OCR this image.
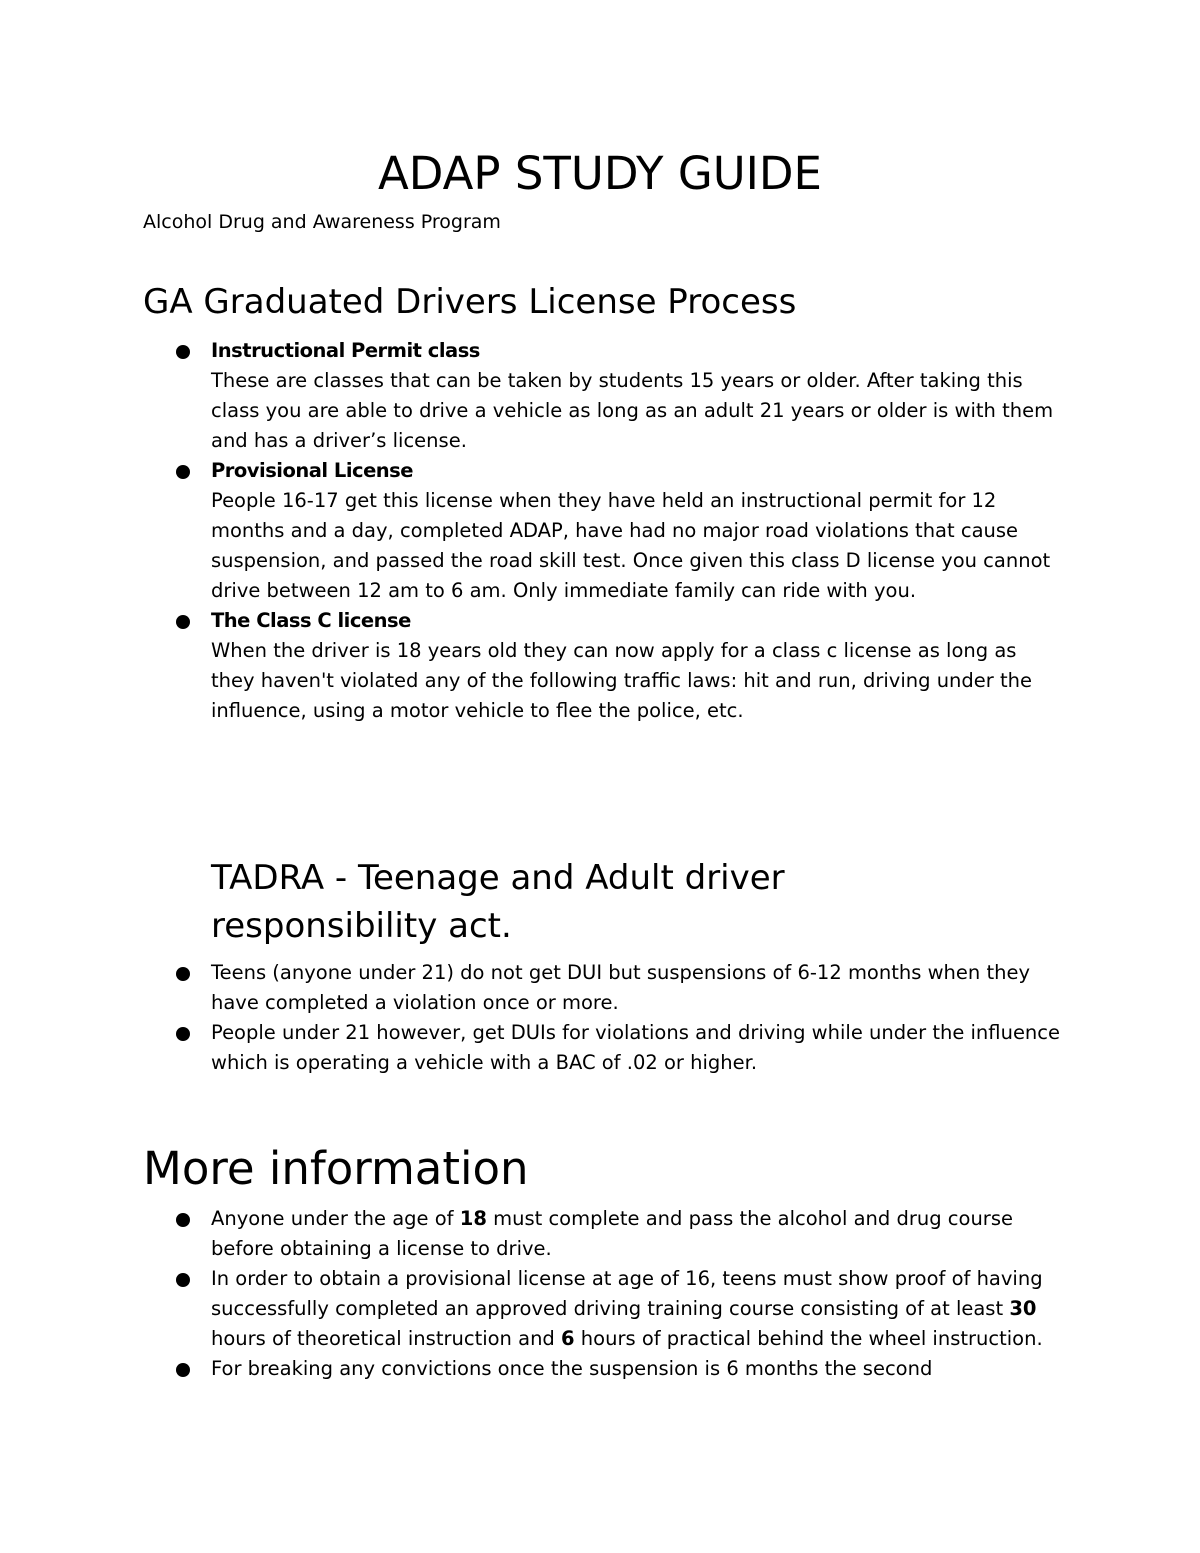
ADAP STUDY GUIDE

Alcohol Drug and Awareness Program

GA Graduated Drivers License Process
Instructional Permit class
These are classes that can be taken by students 15 years or older. After taking this class you are able to drive a vehicle as long as an adult 21 years or older is with them and has a driver’s license.
Provisional License
People 16-17 get this license when they have held an instructional permit for 12 months and a day, completed ADAP, have had no major road violations that cause suspension, and passed the road skill test. Once given this class D license you cannot drive between 12 am to 6 am. Only immediate family can ride with you.
The Class C license
When the driver is 18 years old they can now apply for a class c license as long as they haven't violated any of the following traffic laws: hit and run, driving under the influence, using a motor vehicle to flee the police, etc.
TADRA - Teenage and Adult driver responsibility act.
Teens (anyone under 21) do not get DUI but suspensions of 6-12 months when they have completed a violation once or more.
People under 21 however, get DUIs for violations and driving while under the influence which is operating a vehicle with a BAC of .02 or higher.
More information
Anyone under the age of 18 must complete and pass the alcohol and drug course before obtaining a license to drive.
In order to obtain a provisional license at age of 16, teens must show proof of having successfully completed an approved driving training course consisting of at least 30 hours of theoretical instruction and 6 hours of practical behind the wheel instruction.
For breaking any convictions once the suspension is 6 months the second
